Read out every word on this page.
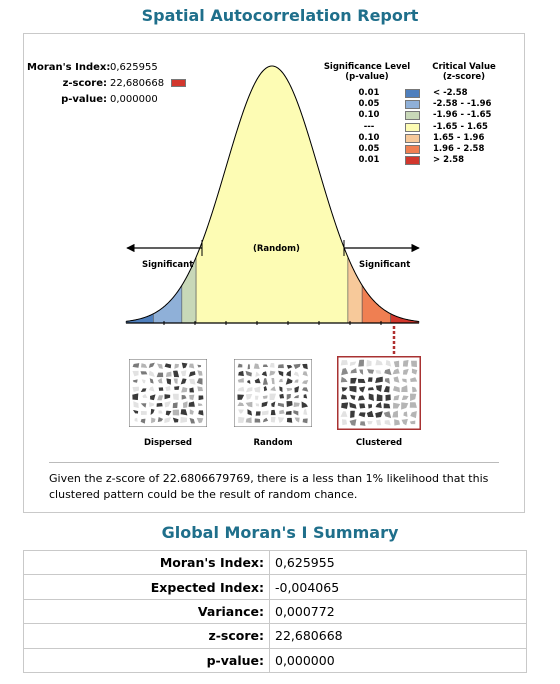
Spatial Autocorrelation Report
Moran's Index:0,625955
z-score: 22,680668
p-value: 0,000000
Significance Level
(p-value)
Critical Value
(z-score)
0.01	< -2.58
0.05	-2.58 - -1.96
0.10	-1.96 - -1.65
---	-1.65 - 1.65
0.10	1.65 - 1.96
0.05	1.96 - 2.58
0.01	> 2.58
Significant
(Random)
Significant
Dispersed	Random	Clustered
Given the z-score of 22.6806679769, there is a less than 1% likelihood that this clustered pattern could be the result of random chance.
Global Moran's I Summary
Moran's Index:	0,625955
Expected Index:	-0,004065
Variance:	0,000772
z-score:	22,680668
p-value:	0,000000
